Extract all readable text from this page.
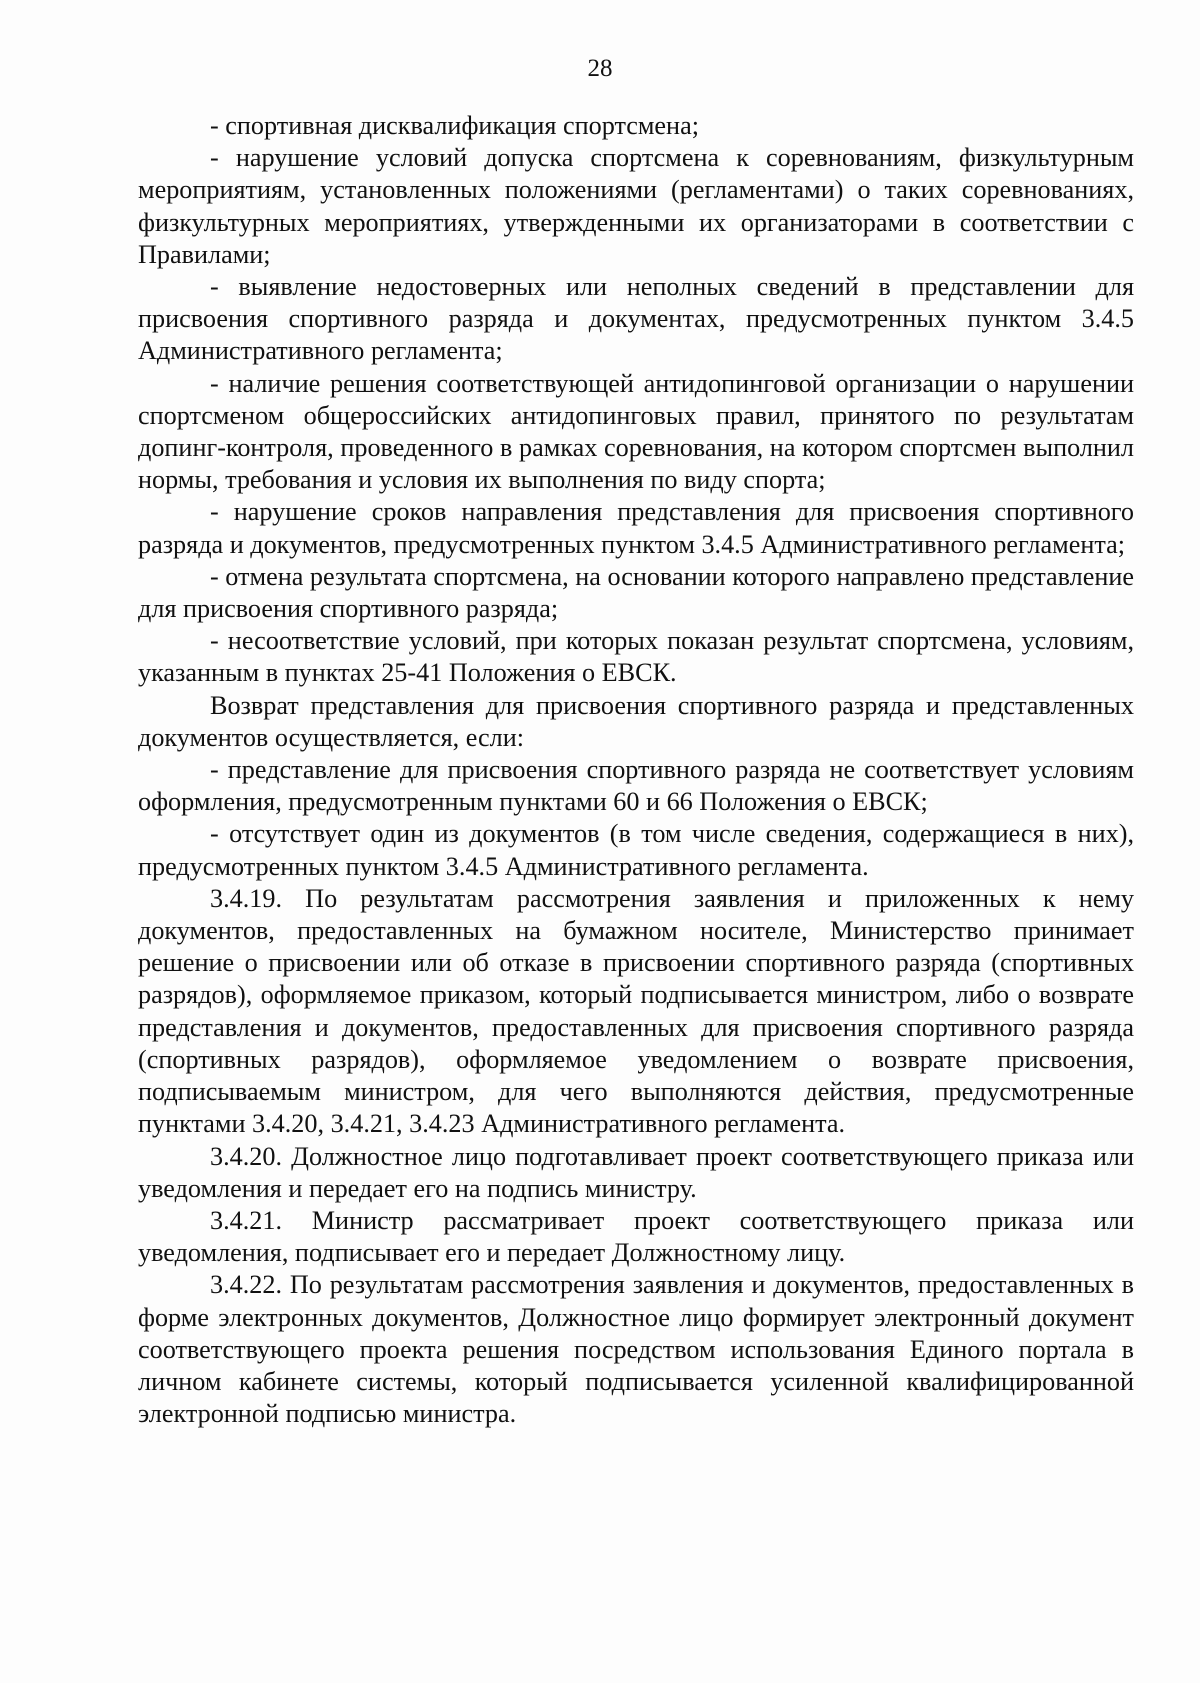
28

- спортивная дисквалификация спортсмена;

- нарушение условий допуска спортсмена к соревнованиям, физкультурным мероприятиям, установленных положениями (регламентами) о таких соревнованиях, физкультурных мероприятиях, утвержденными их организаторами в соответствии с Правилами;

- выявление недостоверных или неполных сведений в представлении для присвоения спортивного разряда и документах, предусмотренных пунктом 3.4.5 Административного регламента;

- наличие решения соответствующей антидопинговой организации о нарушении спортсменом общероссийских антидопинговых правил, принятого по результатам допинг-контроля, проведенного в рамках соревнования, на котором спортсмен выполнил нормы, требования и условия их выполнения по виду спорта;

- нарушение сроков направления представления для присвоения спортивного разряда и документов, предусмотренных пунктом 3.4.5 Административного регламента;

- отмена результата спортсмена, на основании которого направлено представление для присвоения спортивного разряда;

- несоответствие условий, при которых показан результат спортсмена, условиям, указанным в пунктах 25-41 Положения о ЕВСК.

Возврат представления для присвоения спортивного разряда и представленных документов осуществляется, если:

- представление для присвоения спортивного разряда не соответствует условиям оформления, предусмотренным пунктами 60 и 66 Положения о ЕВСК;

- отсутствует один из документов (в том числе сведения, содержащиеся в них), предусмотренных пунктом 3.4.5 Административного регламента.

3.4.19. По результатам рассмотрения заявления и приложенных к нему документов, предоставленных на бумажном носителе, Министерство принимает решение о присвоении или об отказе в присвоении спортивного разряда (спортивных разрядов), оформляемое приказом, который подписывается министром, либо о возврате представления и документов, предоставленных для присвоения спортивного разряда (спортивных разрядов), оформляемое уведомлением о возврате присвоения, подписываемым министром, для чего выполняются действия, предусмотренные пунктами 3.4.20, 3.4.21, 3.4.23 Административного регламента.

3.4.20. Должностное лицо подготавливает проект соответствующего приказа или уведомления и передает его на подпись министру.

3.4.21. Министр рассматривает проект соответствующего приказа или уведомления, подписывает его и передает Должностному лицу.

3.4.22. По результатам рассмотрения заявления и документов, предоставленных в форме электронных документов, Должностное лицо формирует электронный документ соответствующего проекта решения посредством использования Единого портала в личном кабинете системы, который подписывается усиленной квалифицированной электронной подписью министра.
